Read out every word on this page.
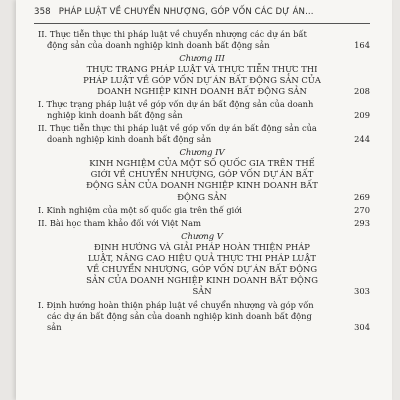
358 PHÁP LUẬT VỀ CHUYỂN NHƯỢNG, GÓP VỐN CÁC DỰ ÁN...
II. Thực tiễn thực thi pháp luật về chuyển nhượng các dự án bất động sản của doanh nghiệp kinh doanh bất động sản	164
Chương III
THỰC TRẠNG PHÁP LUẬT VÀ THỰC TIỄN THỰC THI PHÁP LUẬT VỀ GÓP VỐN DỰ ÁN BẤT ĐỘNG SẢN CỦA DOANH NGHIỆP KINH DOANH BẤT ĐỘNG SẢN	208
I. Thực trạng pháp luật về góp vốn dự án bất động sản của doanh nghiệp kinh doanh bất động sản	209
II. Thực tiễn thực thi pháp luật về góp vốn dự án bất động sản của doanh nghiệp kinh doanh bất động sản	244
Chương IV
KINH NGHIỆM CỦA MỘT SỐ QUỐC GIA TRÊN THẾ GIỚI VỀ CHUYỂN NHƯỢNG, GÓP VỐN DỰ ÁN BẤT ĐỘNG SẢN CỦA DOANH NGHIỆP KINH DOANH BẤT ĐỘNG SẢN	269
I. Kinh nghiệm của một số quốc gia trên thế giới	270
II. Bài học tham khảo đối với Việt Nam	293
Chương V
ĐỊNH HƯỚNG VÀ GIẢI PHÁP HOÀN THIỆN PHÁP LUẬT, NÂNG CAO HIỆU QUẢ THỰC THI PHÁP LUẬT VỀ CHUYỂN NHƯỢNG, GÓP VỐN DỰ ÁN BẤT ĐỘNG SẢN CỦA DOANH NGHIỆP KINH DOANH BẤT ĐỘNG SẢN	303
I. Định hướng hoàn thiện pháp luật về chuyển nhượng và góp vốn các dự án bất động sản của doanh nghiệp kinh doanh bất động sản	304
